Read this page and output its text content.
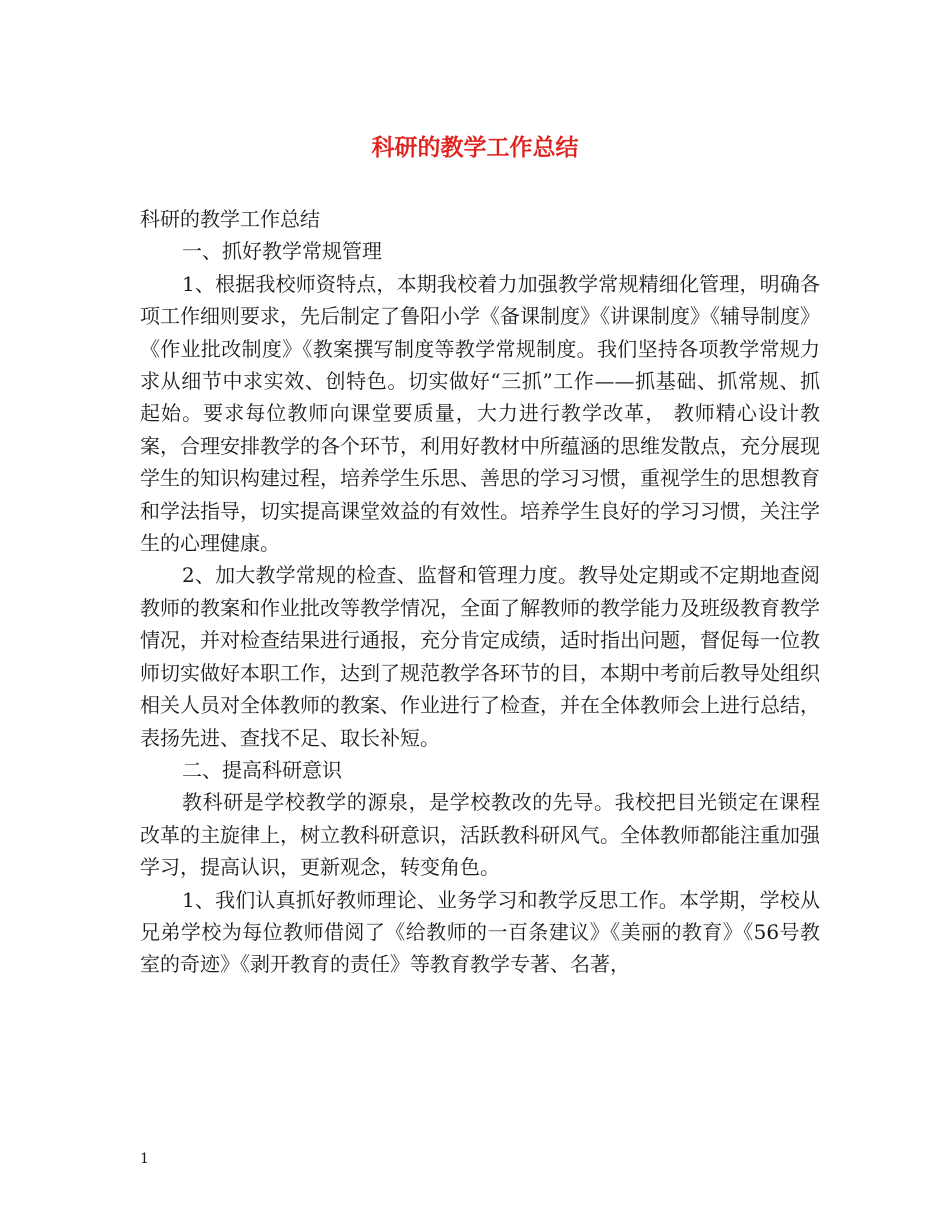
科研的教学工作总结

科研的教学工作总结

一、抓好教学常规管理

1、根据我校师资特点，本期我校着力加强教学常规精细化管理，明确各项工作细则要求，先后制定了鲁阳小学《备课制度》《讲课制度》《辅导制度》《作业批改制度》《教案撰写制度等教学常规制度。我们坚持各项教学常规力求从细节中求实效、创特色。切实做好“三抓”工作——抓基础、抓常规、抓起始。要求每位教师向课堂要质量，大力进行教学改革， 教师精心设计教案，合理安排教学的各个环节，利用好教材中所蕴涵的思维发散点，充分展现学生的知识构建过程，培养学生乐思、善思的学习习惯，重视学生的思想教育和学法指导，切实提高课堂效益的有效性。培养学生良好的学习习惯，关注学生的心理健康。

2、加大教学常规的检查、监督和管理力度。教导处定期或不定期地查阅教师的教案和作业批改等教学情况，全面了解教师的教学能力及班级教育教学情况，并对检查结果进行通报，充分肯定成绩，适时指出问题，督促每一位教师切实做好本职工作，达到了规范教学各环节的目，本期中考前后教导处组织相关人员对全体教师的教案、作业进行了检查，并在全体教师会上进行总结，表扬先进、查找不足、取长补短。

二、提高科研意识

教科研是学校教学的源泉，是学校教改的先导。我校把目光锁定在课程改革的主旋律上，树立教科研意识，活跃教科研风气。全体教师都能注重加强学习，提高认识，更新观念，转变角色。

1、我们认真抓好教师理论、业务学习和教学反思工作。本学期，学校从兄弟学校为每位教师借阅了《给教师的一百条建议》《美丽的教育》《56号教室的奇迹》《剥开教育的责任》等教育教学专著、名著，

1
